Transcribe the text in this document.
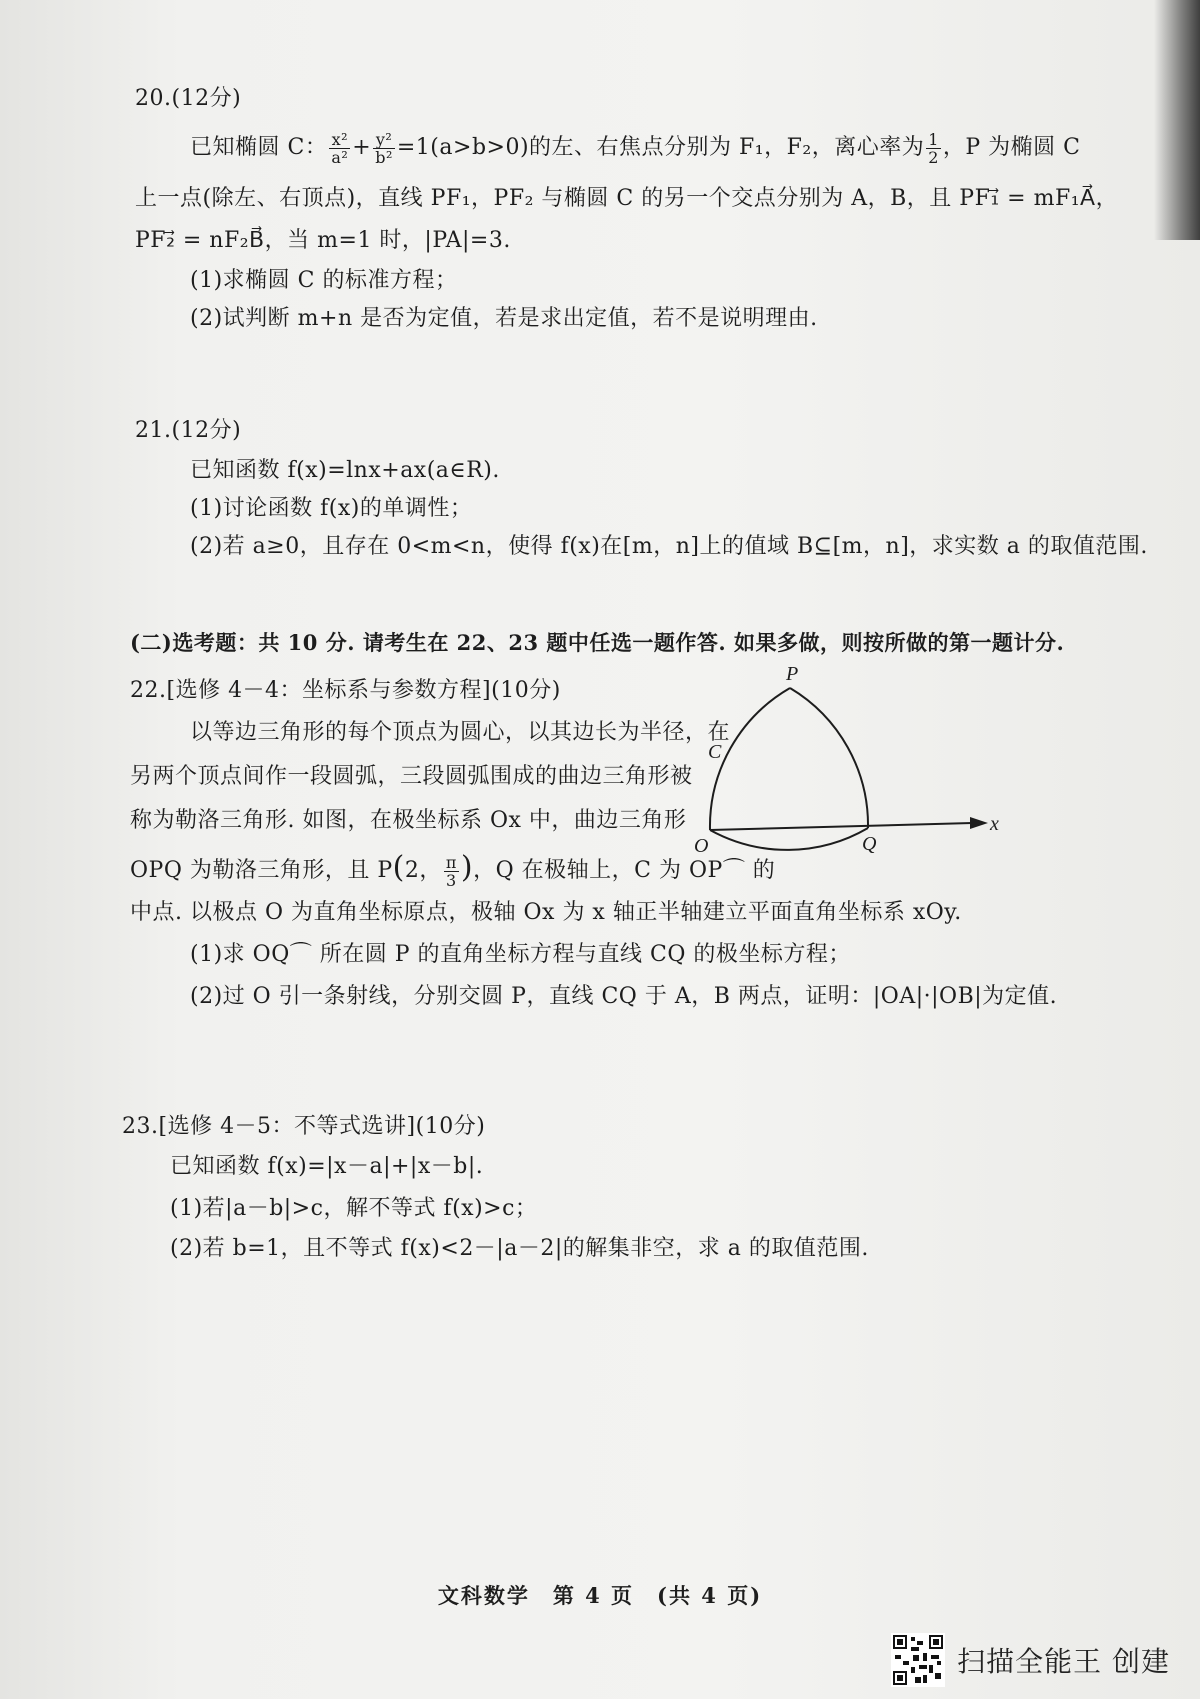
20.(12分)
已知椭圆 C： $\frac{\text{x²}}{\text{a²}} + \frac{\text{y²}}{\text{b²}} =1(a>b>0)$的左、右焦点分别为 F₁，F₂，离心率为 $\frac{1}{2}$ ，P 为椭圆 C
上一点(除左、右顶点)，直线 PF₁，PF₂ 与椭圆 C 的另一个交点分别为 A，B，且 PF₁⃗ = mF₁A⃗，
PF₂⃗ = nF₂B⃗，当 m=1 时，|PA|=3.
(1)求椭圆 C 的标准方程；
(2)试判断 m+n 是否为定值，若是求出定值，若不是说明理由.
21.(12分)
已知函数 f(x)=lnx+ax(a∈R).
(1)讨论函数 f(x)的单调性；
(2)若 a≥0，且存在 0<m<n，使得 f(x)在[m，n]上的值域 B⊆[m，n]，求实数 a 的取值范围.
(二)选考题：共 10 分. 请考生在 22、23 题中任选一题作答. 如果多做，则按所做的第一题计分.
22.[选修 4－4：坐标系与参数方程](10分)
以等边三角形的每个顶点为圆心，以其边长为半径，在
另两个顶点间作一段圆弧，三段圆弧围成的曲边三角形被
称为勒洛三角形. 如图，在极坐标系 Ox 中，曲边三角形
OPQ 为勒洛三角形，且 P(2， $\frac{\pi}{3}$ )，Q 在极轴上，C 为 OP⌒ 的
中点. 以极点 O 为直角坐标原点，极轴 Ox 为 x 轴正半轴建立平面直角坐标系 xOy.
(1)求 OQ⌒ 所在圆 P 的直角坐标方程与直线 CQ 的极坐标方程；
(2)过 O 引一条射线，分别交圆 P，直线 CQ 于 A，B 两点，证明：|OA|·|OB|为定值.
P
C
O	Q
x
23.[选修 4－5：不等式选讲](10分)
已知函数 f(x)=|x－a|+|x－b|.
(1)若|a－b|>c，解不等式 f(x)>c；
(2)若 b=1，且不等式 f(x)<2－|a－2|的解集非空，求 a 的取值范围.
文科数学　第 4 页　(共 4 页)
扫描全能王 创建
